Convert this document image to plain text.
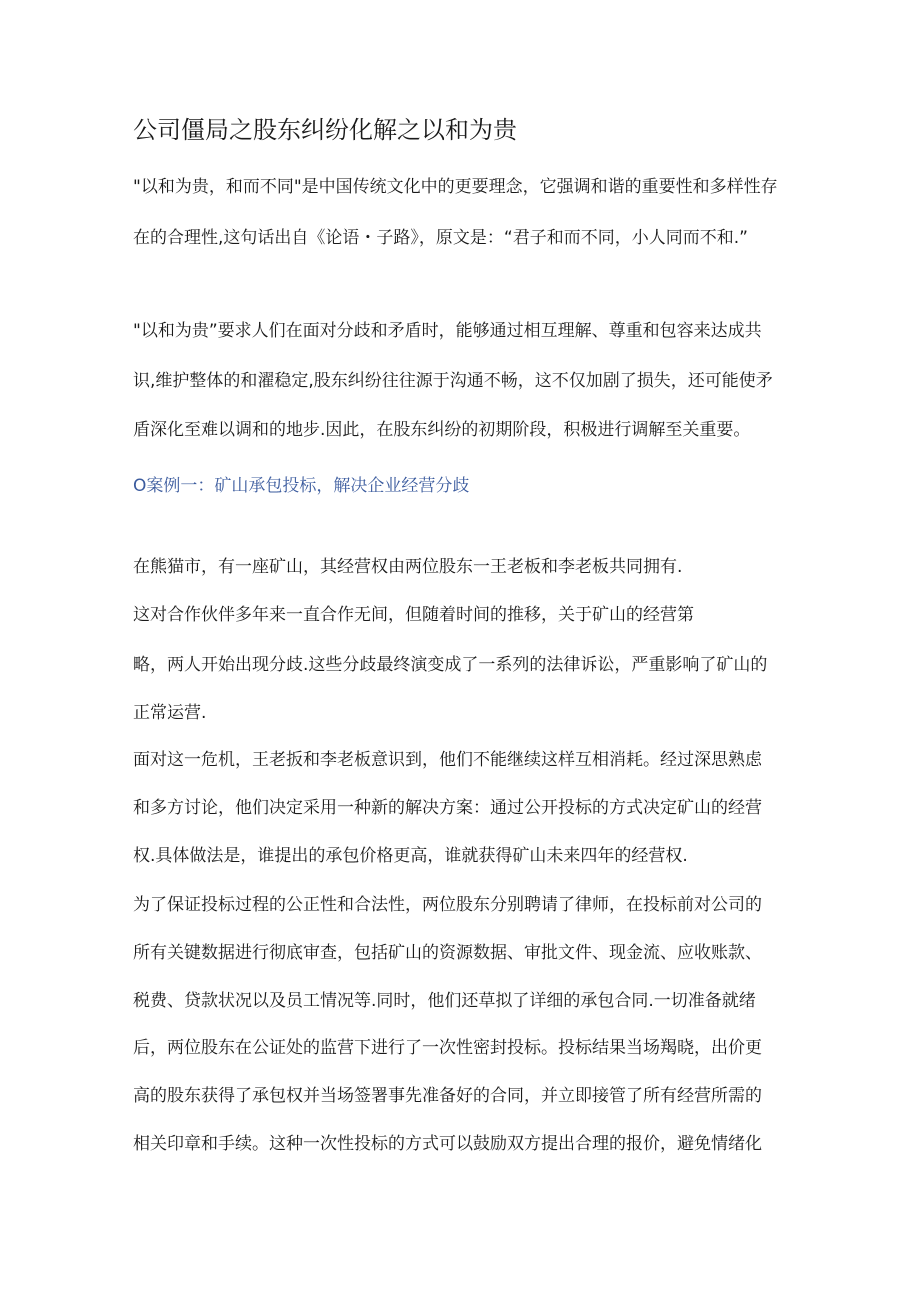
公司僵局之股东纠纷化解之以和为贵

"以和为贵，和而不同"是中国传统文化中的更要理念，它强调和谐的重要性和多样性存

在的合理性,这句话出自《论语・子路》，原文是：“君子和而不同，小人同而不和.”

"以和为贵”要求人们在面对分歧和矛盾时，能够通过相互理解、尊重和包容来达成共

识,维护整体的和濯稳定,股东纠纷往往源于沟通不畅，这不仅加剧了损失，还可能使矛

盾深化至难以调和的地步.因此，在股东纠纷的初期阶段，积极进行调解至关重要。

O案例一：矿山承包投标，解决企业经营分歧

在熊猫市，有一座矿山，其经营权由两位股东一王老板和李老板共同拥有.

这对合作伙伴多年来一直合作无间，但随着时间的推移，关于矿山的经营第

略，两人开始出现分歧.这些分歧最终演变成了一系列的法律诉讼，严重影响了矿山的

正常运营.

面对这一危机，王老扳和李老板意识到，他们不能继续这样互相消耗。经过深思熟虑

和多方讨论，他们决定采用一种新的解决方案：通过公开投标的方式决定矿山的经营

权.具体做法是，谁提出的承包价格更高，谁就获得矿山未来四年的经营权.

为了保证投标过程的公正性和合法性，两位股东分别聘请了律师，在投标前对公司的

所有关键数据进行彻底审查，包括矿山的资源数据、审批文件、现金流、应收账款、

税费、贷款状况以及员工情况等.同时，他们还草拟了详细的承包合同.一切准备就绪

后，两位股东在公证处的监营下进行了一次性密封投标。投标结果当场羯晓，出价更

高的股东获得了承包权并当场签署事先准备好的合同，并立即接管了所有经营所需的

相关印章和手续。这种一次性投标的方式可以鼓励双方提出合理的报价，避免情绪化
